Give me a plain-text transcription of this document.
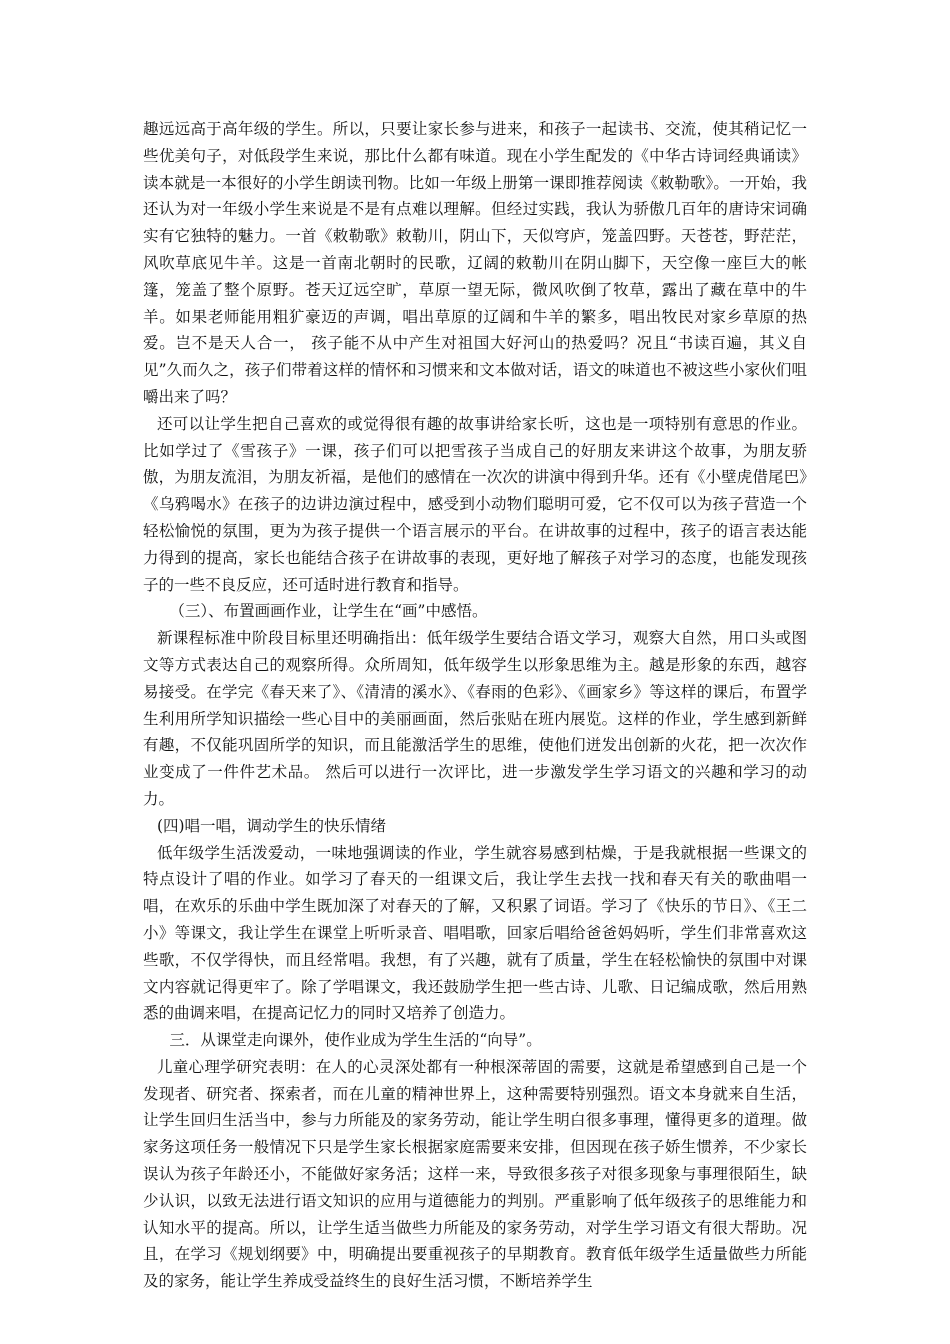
趣远远高于高年级的学生。所以，只要让家长参与进来，和孩子一起读书、交流，使其稍记忆一些优美句子，对低段学生来说，那比什么都有味道。现在小学生配发的《中华古诗词经典诵读》读本就是一本很好的小学生朗读刊物。比如一年级上册第一课即推荐阅读《敕勒歌》。一开始，我还认为对一年级小学生来说是不是有点难以理解。但经过实践，我认为骄傲几百年的唐诗宋词确实有它独特的魅力。一首《敕勒歌》敕勒川，阴山下，天似穹庐，笼盖四野。天苍苍，野茫茫，风吹草底见牛羊。这是一首南北朝时的民歌，辽阔的敕勒川在阴山脚下，天空像一座巨大的帐篷，笼盖了整个原野。苍天辽远空旷，草原一望无际，微风吹倒了牧草，露出了藏在草中的牛羊。如果老师能用粗犷豪迈的声调，唱出草原的辽阔和牛羊的繁多，唱出牧民对家乡草原的热爱。岂不是天人合一， 孩子能不从中产生对祖国大好河山的热爱吗？况且“书读百遍，其义自见”久而久之，孩子们带着这样的情怀和习惯来和文本做对话，语文的味道也不被这些小家伙们咀嚼出来了吗？

还可以让学生把自己喜欢的或觉得很有趣的故事讲给家长听，这也是一项特别有意思的作业。比如学过了《雪孩子》一课，孩子们可以把雪孩子当成自己的好朋友来讲这个故事，为朋友骄傲，为朋友流泪，为朋友祈福，是他们的感情在一次次的讲演中得到升华。还有《小壁虎借尾巴》《乌鸦喝水》在孩子的边讲边演过程中，感受到小动物们聪明可爱，它不仅可以为孩子营造一个轻松愉悦的氛围，更为为孩子提供一个语言展示的平台。在讲故事的过程中，孩子的语言表达能力得到的提高，家长也能结合孩子在讲故事的表现，更好地了解孩子对学习的态度，也能发现孩子的一些不良反应，还可适时进行教育和指导。

（三）、布置画画作业，让学生在“画”中感悟。

新课程标准中阶段目标里还明确指出：低年级学生要结合语文学习，观察大自然，用口头或图文等方式表达自己的观察所得。众所周知，低年级学生以形象思维为主。越是形象的东西，越容易接受。在学完《春天来了》、《清清的溪水》、《春雨的色彩》、《画家乡》等这样的课后，布置学生利用所学知识描绘一些心目中的美丽画面，然后张贴在班内展览。这样的作业，学生感到新鲜有趣，不仅能巩固所学的知识，而且能激活学生的思维，使他们迸发出创新的火花，把一次次作业变成了一件件艺术品。 然后可以进行一次评比，进一步激发学生学习语文的兴趣和学习的动力。

(四)唱一唱，调动学生的快乐情绪

低年级学生活泼爱动，一味地强调读的作业，学生就容易感到枯燥，于是我就根据一些课文的特点设计了唱的作业。如学习了春天的一组课文后，我让学生去找一找和春天有关的歌曲唱一唱，在欢乐的乐曲中学生既加深了对春天的了解，又积累了词语。学习了《快乐的节日》、《王二小》等课文，我让学生在课堂上听听录音、唱唱歌，回家后唱给爸爸妈妈听，学生们非常喜欢这些歌，不仅学得快，而且经常唱。我想，有了兴趣，就有了质量，学生在轻松愉快的氛围中对课文内容就记得更牢了。除了学唱课文，我还鼓励学生把一些古诗、儿歌、日记编成歌，然后用熟悉的曲调来唱，在提高记忆力的同时又培养了创造力。

三．从课堂走向课外，使作业成为学生生活的“向导”。

儿童心理学研究表明：在人的心灵深处都有一种根深蒂固的需要，这就是希望感到自己是一个发现者、研究者、探索者，而在儿童的精神世界上，这种需要特别强烈。语文本身就来自生活，让学生回归生活当中，参与力所能及的家务劳动，能让学生明白很多事理，懂得更多的道理。做家务这项任务一般情况下只是学生家长根据家庭需要来安排，但因现在孩子娇生惯养，不少家长误认为孩子年龄还小，不能做好家务活；这样一来，导致很多孩子对很多现象与事理很陌生，缺少认识，以致无法进行语文知识的应用与道德能力的判别。严重影响了低年级孩子的思维能力和认知水平的提高。所以，让学生适当做些力所能及的家务劳动，对学生学习语文有很大帮助。况且，在学习《规划纲要》中，明确提出要重视孩子的早期教育。教育低年级学生适量做些力所能及的家务，能让学生养成受益终生的良好生活习惯，不断培养学生
